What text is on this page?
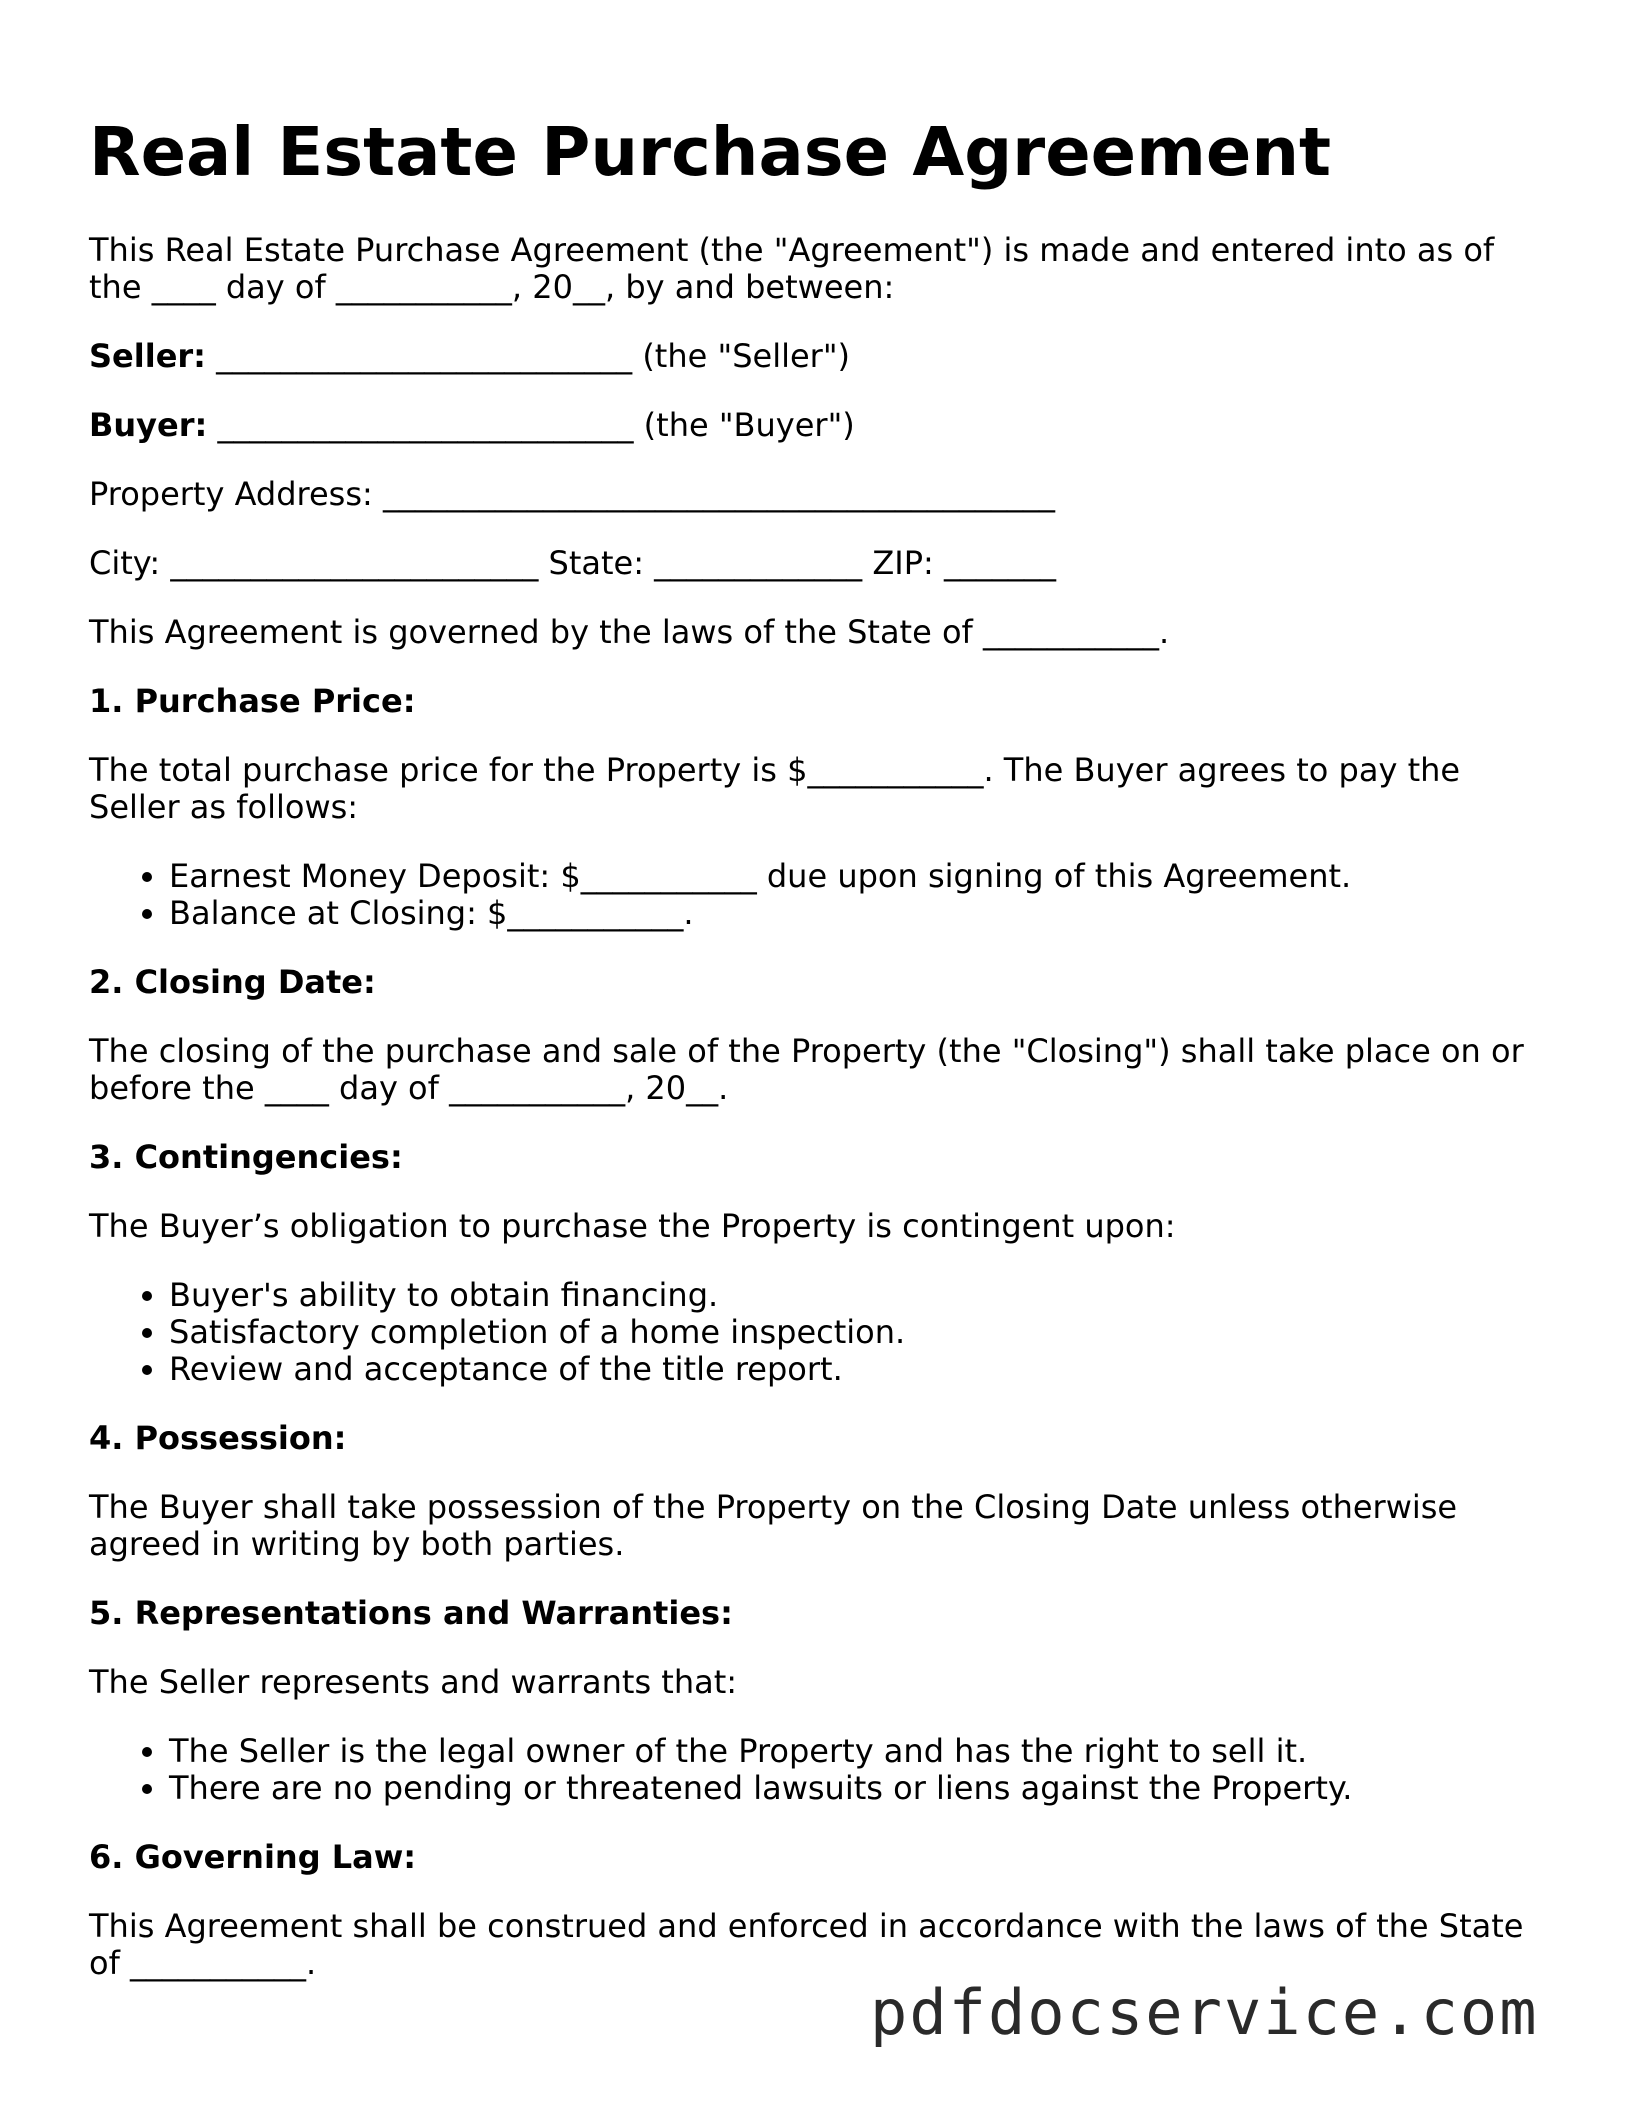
Real Estate Purchase Agreement

This Real Estate Purchase Agreement (the "Agreement") is made and entered into as of the ____ day of ___________, 20__, by and between:

Seller: __________________________ (the "Seller")

Buyer: __________________________ (the "Buyer")

Property Address: __________________________________________

City: _______________________ State: _____________ ZIP: _______

This Agreement is governed by the laws of the State of ___________.

1. Purchase Price:

The total purchase price for the Property is $___________. The Buyer agrees to pay the Seller as follows:

• Earnest Money Deposit: $___________ due upon signing of this Agreement.
• Balance at Closing: $___________.
2. Closing Date:

The closing of the purchase and sale of the Property (the "Closing") shall take place on or before the ____ day of ___________, 20__.

3. Contingencies:

The Buyer’s obligation to purchase the Property is contingent upon:

• Buyer's ability to obtain financing.
• Satisfactory completion of a home inspection.
• Review and acceptance of the title report.
4. Possession:

The Buyer shall take possession of the Property on the Closing Date unless otherwise agreed in writing by both parties.

5. Representations and Warranties:

The Seller represents and warrants that:

• The Seller is the legal owner of the Property and has the right to sell it.
• There are no pending or threatened lawsuits or liens against the Property.
6. Governing Law:

This Agreement shall be construed and enforced in accordance with the laws of the State of ___________.

pdfdocservice.com
